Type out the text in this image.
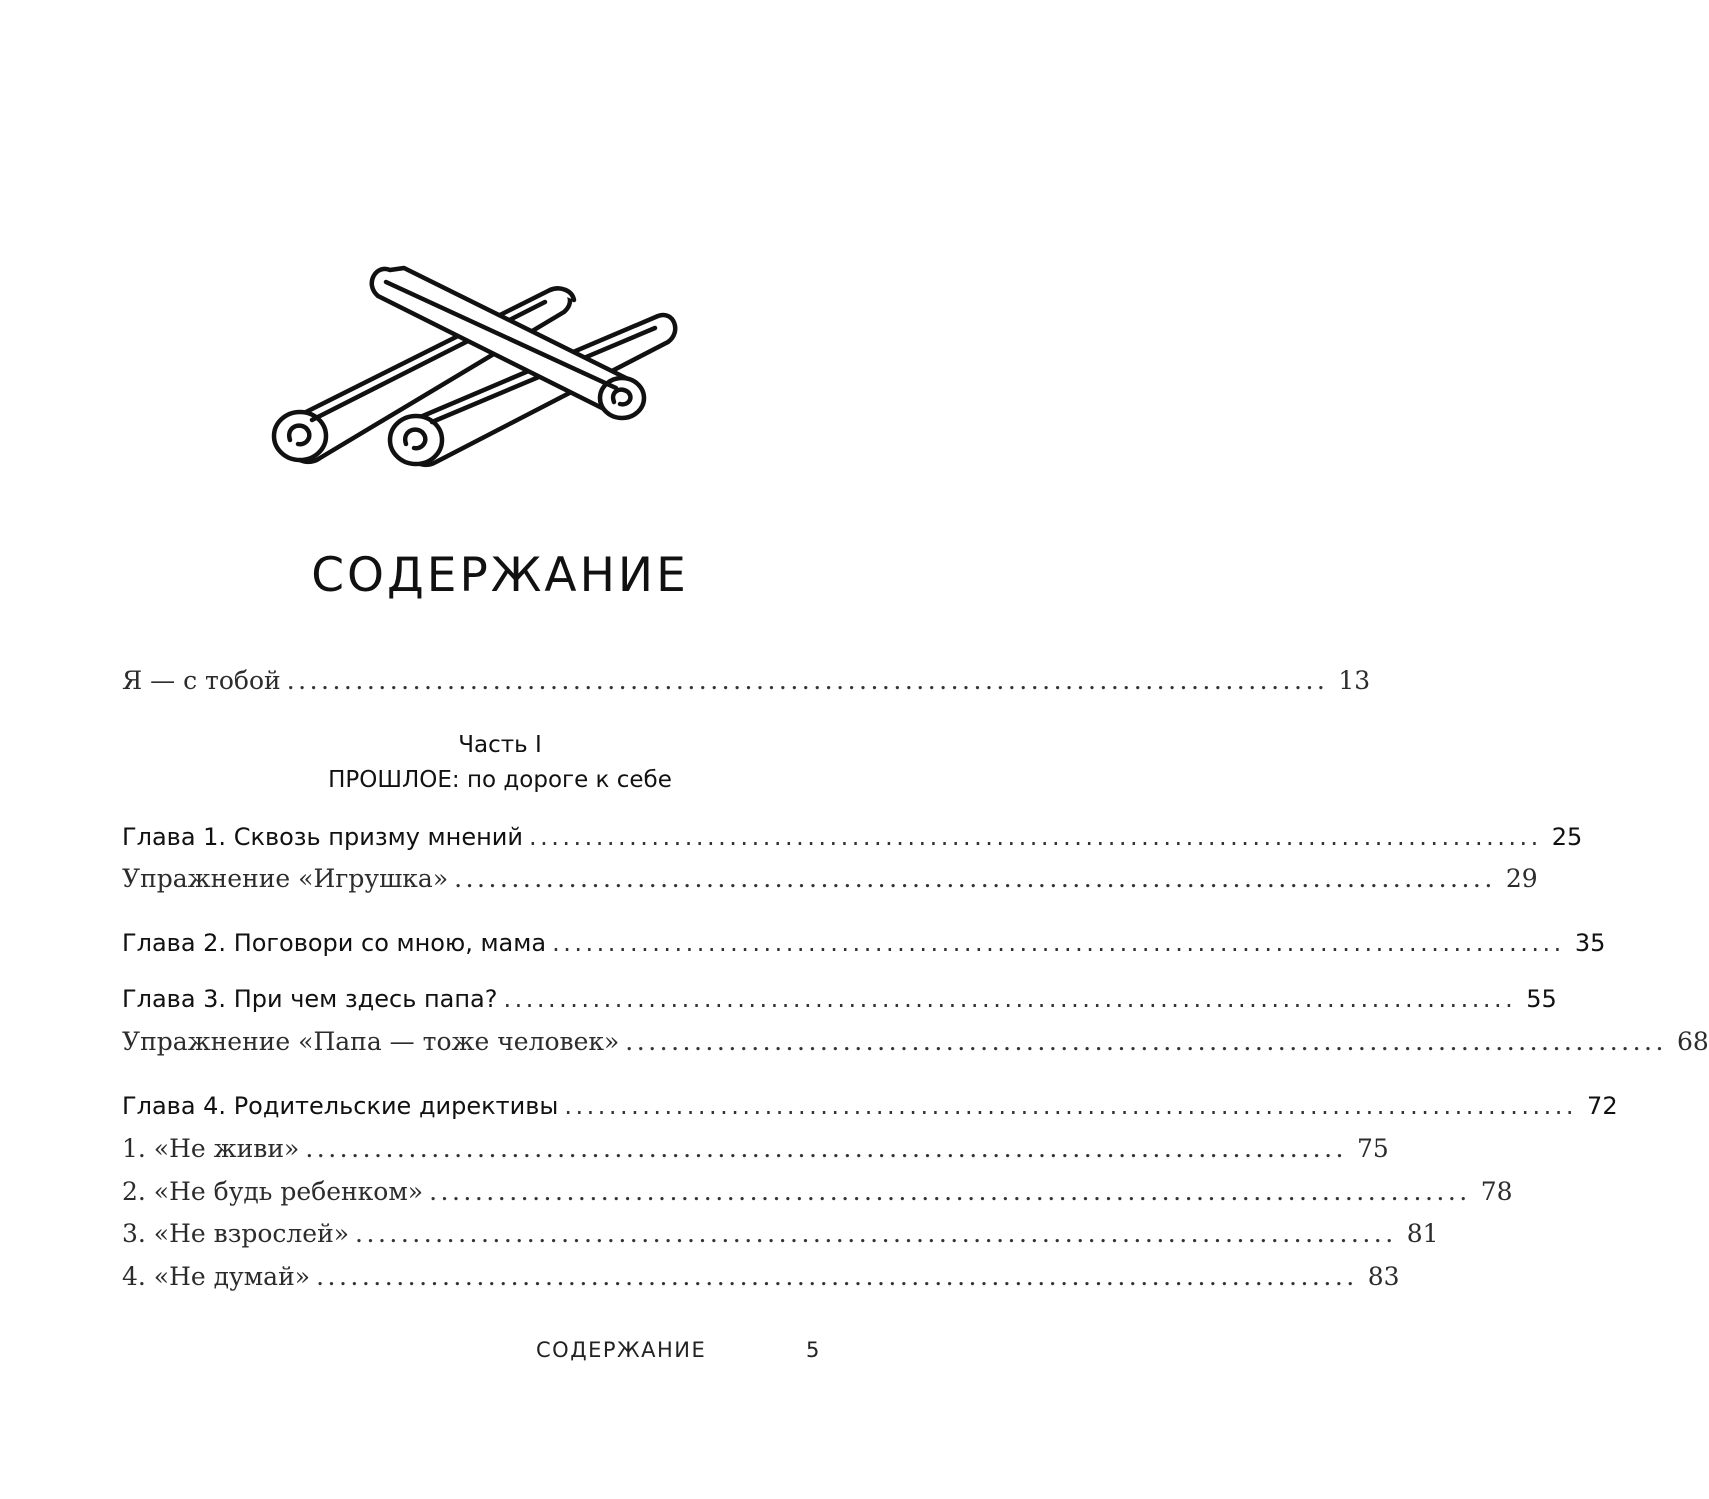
СОДЕРЖАНИЕ
Я — с тобой ........................................................................................... 13
Часть I
ПРОШЛОЕ: по дороге к себе
Глава 1. Сквозь призму мнений ........................................................................................... 25
Упражнение «Игрушка» ........................................................................................... 29
Глава 2. Поговори со мною, мама ........................................................................................... 35
Глава 3. При чем здесь папа? ........................................................................................... 55
Упражнение «Папа — тоже человек» ........................................................................................... 68
Глава 4. Родительские директивы ........................................................................................... 72
1. «Не живи» ........................................................................................... 75
2. «Не будь ребенком» ........................................................................................... 78
3. «Не взрослей» ........................................................................................... 81
4. «Не думай» ........................................................................................... 83
СОДЕРЖАНИЕ	5
